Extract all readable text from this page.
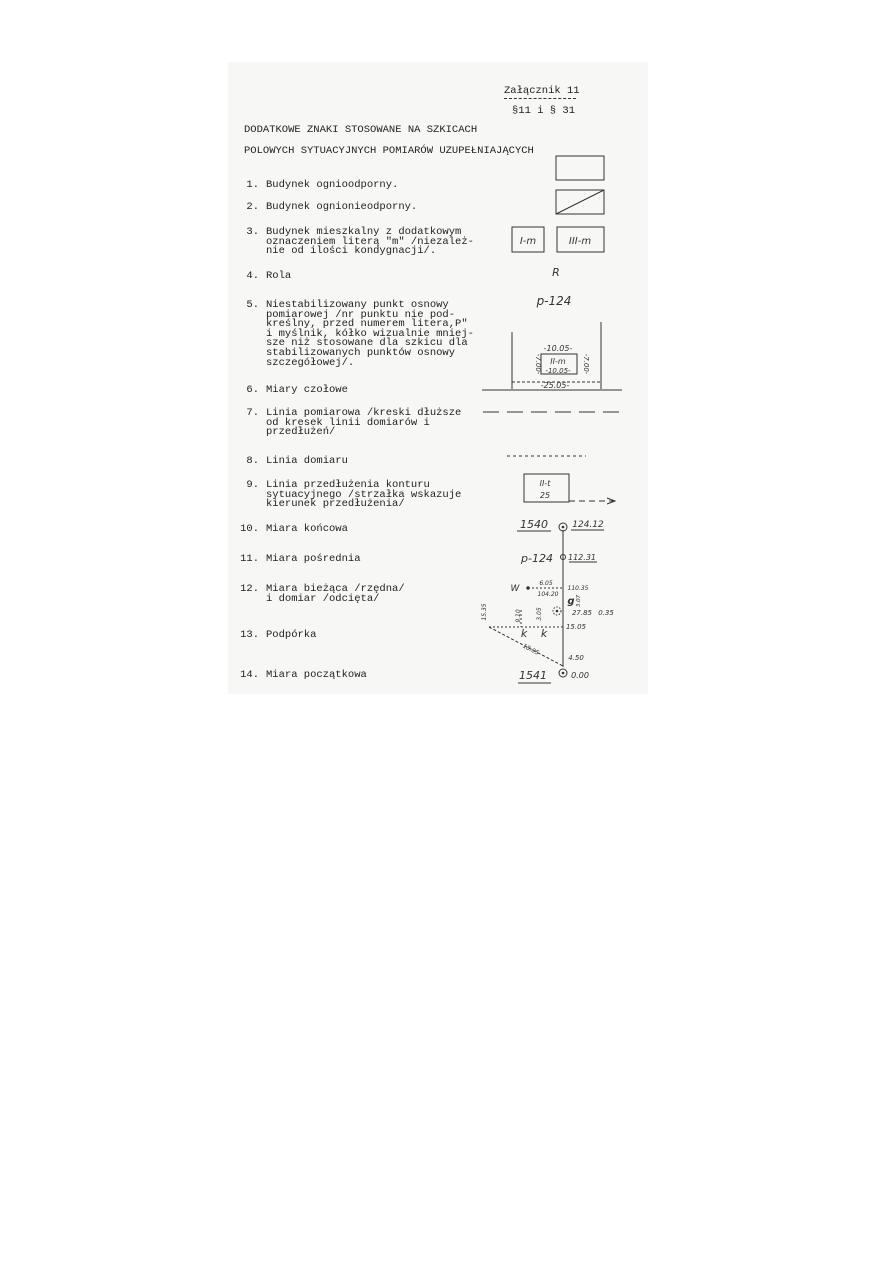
Załącznik 11
§11 i § 31
DODATKOWE ZNAKI STOSOWANE NA SZKICACH
POLOWYCH SYTUACYJNYCH POMIARÓW UZUPEŁNIAJĄCYCH
1. Budynek ognioodporny.
2. Budynek ognionieodporny.
3. Budynek mieszkalny z dodatkowym
oznaczeniem literą "m" /niezależ-
nie od ilości kondygnacji/.
4. Rola
5. Niestabilizowany punkt osnowy
pomiarowej /nr punktu nie pod-
kreślny, przed numerem litera,P"
i myślnik, kółko wizualnie mniej-
sze niż stosowane dla szkicu dla
stabilizowanych punktów osnowy
szczegółowej/.
6. Miary czołowe
7. Linia pomiarowa /kreski dłuższe
od kresek linii domiarów i
przedłużeń/
8. Linia domiaru
9. Linia przedłużenia konturu
sytuacyjnego /strzałka wskazuje
kierunek przedłużenia/
10. Miara końcowa
11. Miara pośrednia
12. Miara bieżąca /rzędna/
i domiar /odcięta/
13. Podpórka
14. Miara początkowa
I-m	III-m
R
p-124
-10.05-
II-m
-10.05-
-7.00-	-7.00-
-25.05-
II-t
25
1540	124.12
p-124 112.31
W
6.05
110.35
104.20
g 3.07
27.85 0.35
15.35	9.10 3.05
15.05
k k
18.05
4.50
1541	0.00
